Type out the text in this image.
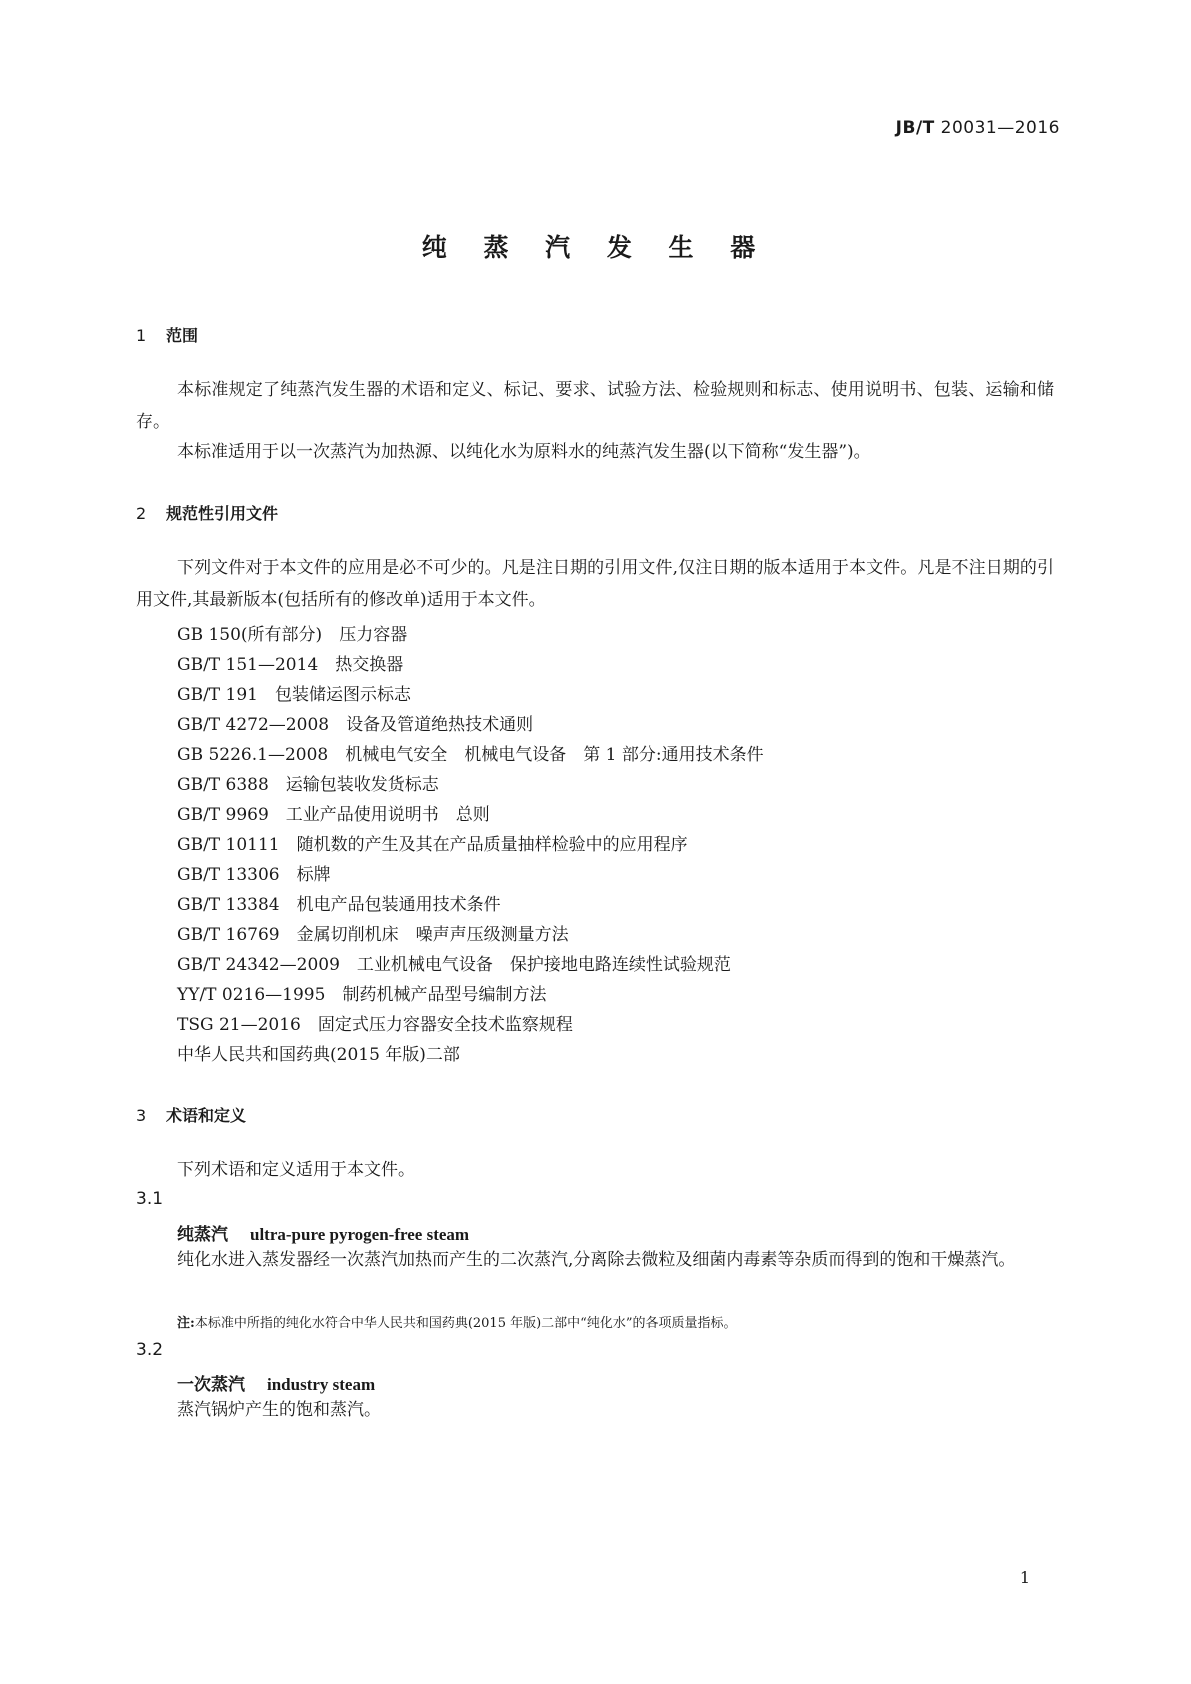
JB/T 20031—2016
纯 蒸 汽 发 生 器
1 范围

本标准规定了纯蒸汽发生器的术语和定义、标记、要求、试验方法、检验规则和标志、使用说明书、包装、运输和储存。

本标准适用于以一次蒸汽为加热源、以纯化水为原料水的纯蒸汽发生器(以下简称“发生器”)。

2 规范性引用文件

下列文件对于本文件的应用是必不可少的。凡是注日期的引用文件,仅注日期的版本适用于本文件。凡是不注日期的引用文件,其最新版本(包括所有的修改单)适用于本文件。

GB 150(所有部分)　压力容器
GB/T 151—2014　热交换器
GB/T 191　包装储运图示标志
GB/T 4272—2008　设备及管道绝热技术通则
GB 5226.1—2008　机械电气安全　机械电气设备　第 1 部分:通用技术条件
GB/T 6388　运输包装收发货标志
GB/T 9969　工业产品使用说明书　总则
GB/T 10111　随机数的产生及其在产品质量抽样检验中的应用程序
GB/T 13306　标牌
GB/T 13384　机电产品包装通用技术条件
GB/T 16769　金属切削机床　噪声声压级测量方法
GB/T 24342—2009　工业机械电气设备　保护接地电路连续性试验规范
YY/T 0216—1995　制药机械产品型号编制方法
TSG 21—2016　固定式压力容器安全技术监察规程
中华人民共和国药典(2015 年版)二部
3 术语和定义

下列术语和定义适用于本文件。

3.1
纯蒸汽 ultra-pure pyrogen-free steam

纯化水进入蒸发器经一次蒸汽加热而产生的二次蒸汽,分离除去微粒及细菌内毒素等杂质而得到的饱和干燥蒸汽。

注:本标准中所指的纯化水符合中华人民共和国药典(2015 年版)二部中“纯化水”的各项质量指标。
3.2
一次蒸汽 industry steam

蒸汽锅炉产生的饱和蒸汽。

1
